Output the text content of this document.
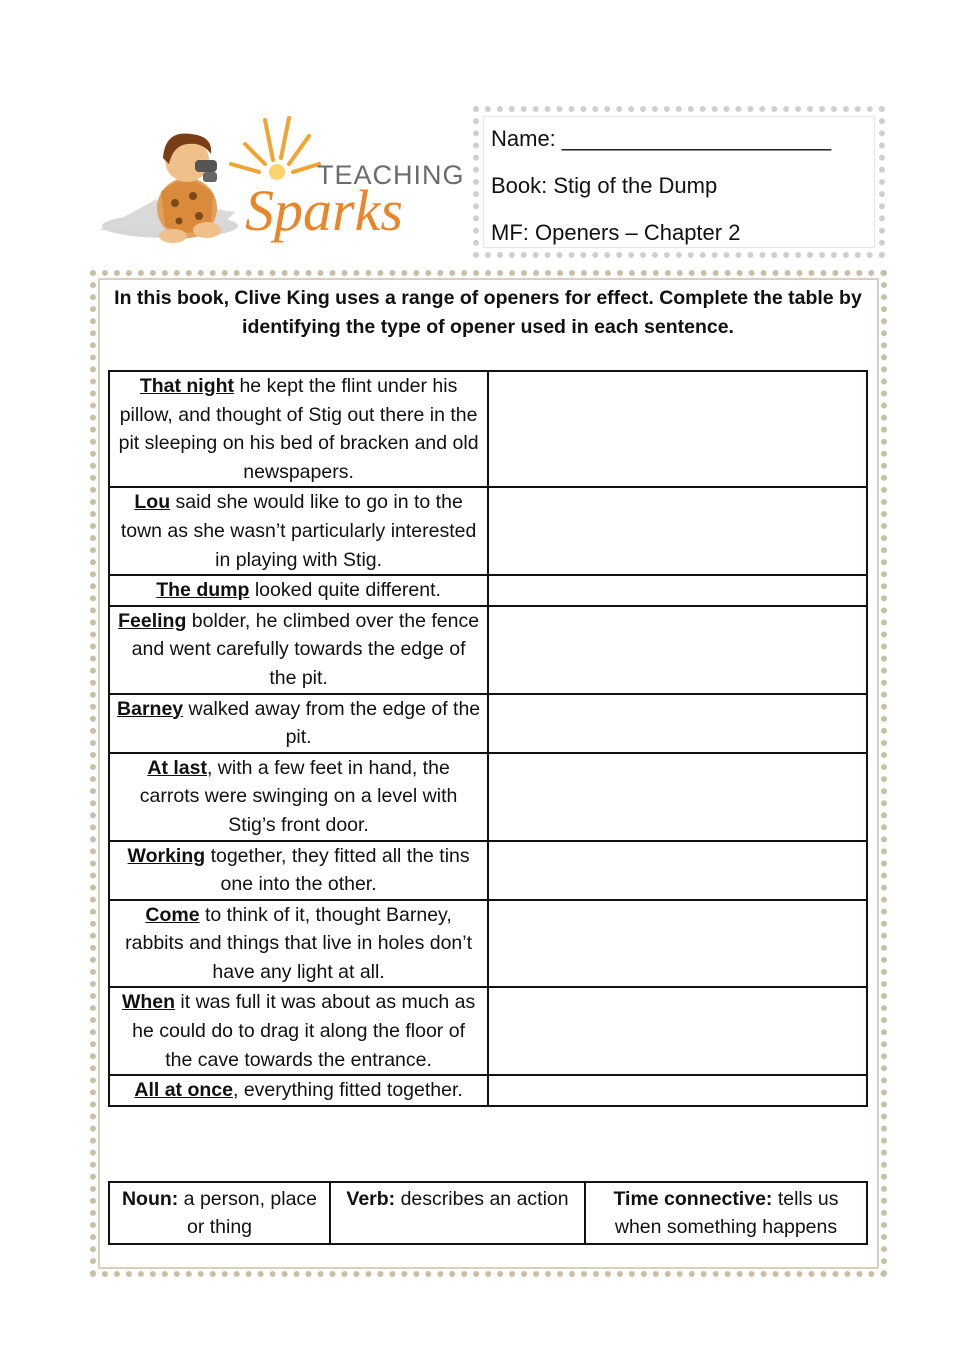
TEACHING
Sparks
Name: ______________________
Book: Stig of the Dump
MF: Openers – Chapter 2
In this book, Clive King uses a range of openers for effect. Complete the table by identifying the type of opener used in each sentence.
That night he kept the flint under his pillow, and thought of Stig out there in the pit sleeping on his bed of bracken and old newspapers.	
Lou said she would like to go in to the town as she wasn’t particularly interested in playing with Stig.	
The dump looked quite different.	
Feeling bolder, he climbed over the fence and went carefully towards the edge of the pit.	
Barney walked away from the edge of the pit.	
At last, with a few feet in hand, the carrots were swinging on a level with Stig’s front door.	
Working together, they fitted all the tins one into the other.	
Come to think of it, thought Barney, rabbits and things that live in holes don’t have any light at all.	
When it was full it was about as much as he could do to drag it along the floor of the cave towards the entrance.	
All at once, everything fitted together.	
Noun: a person, place or thing	Verb: describes an action	Time connective: tells us when something happens
